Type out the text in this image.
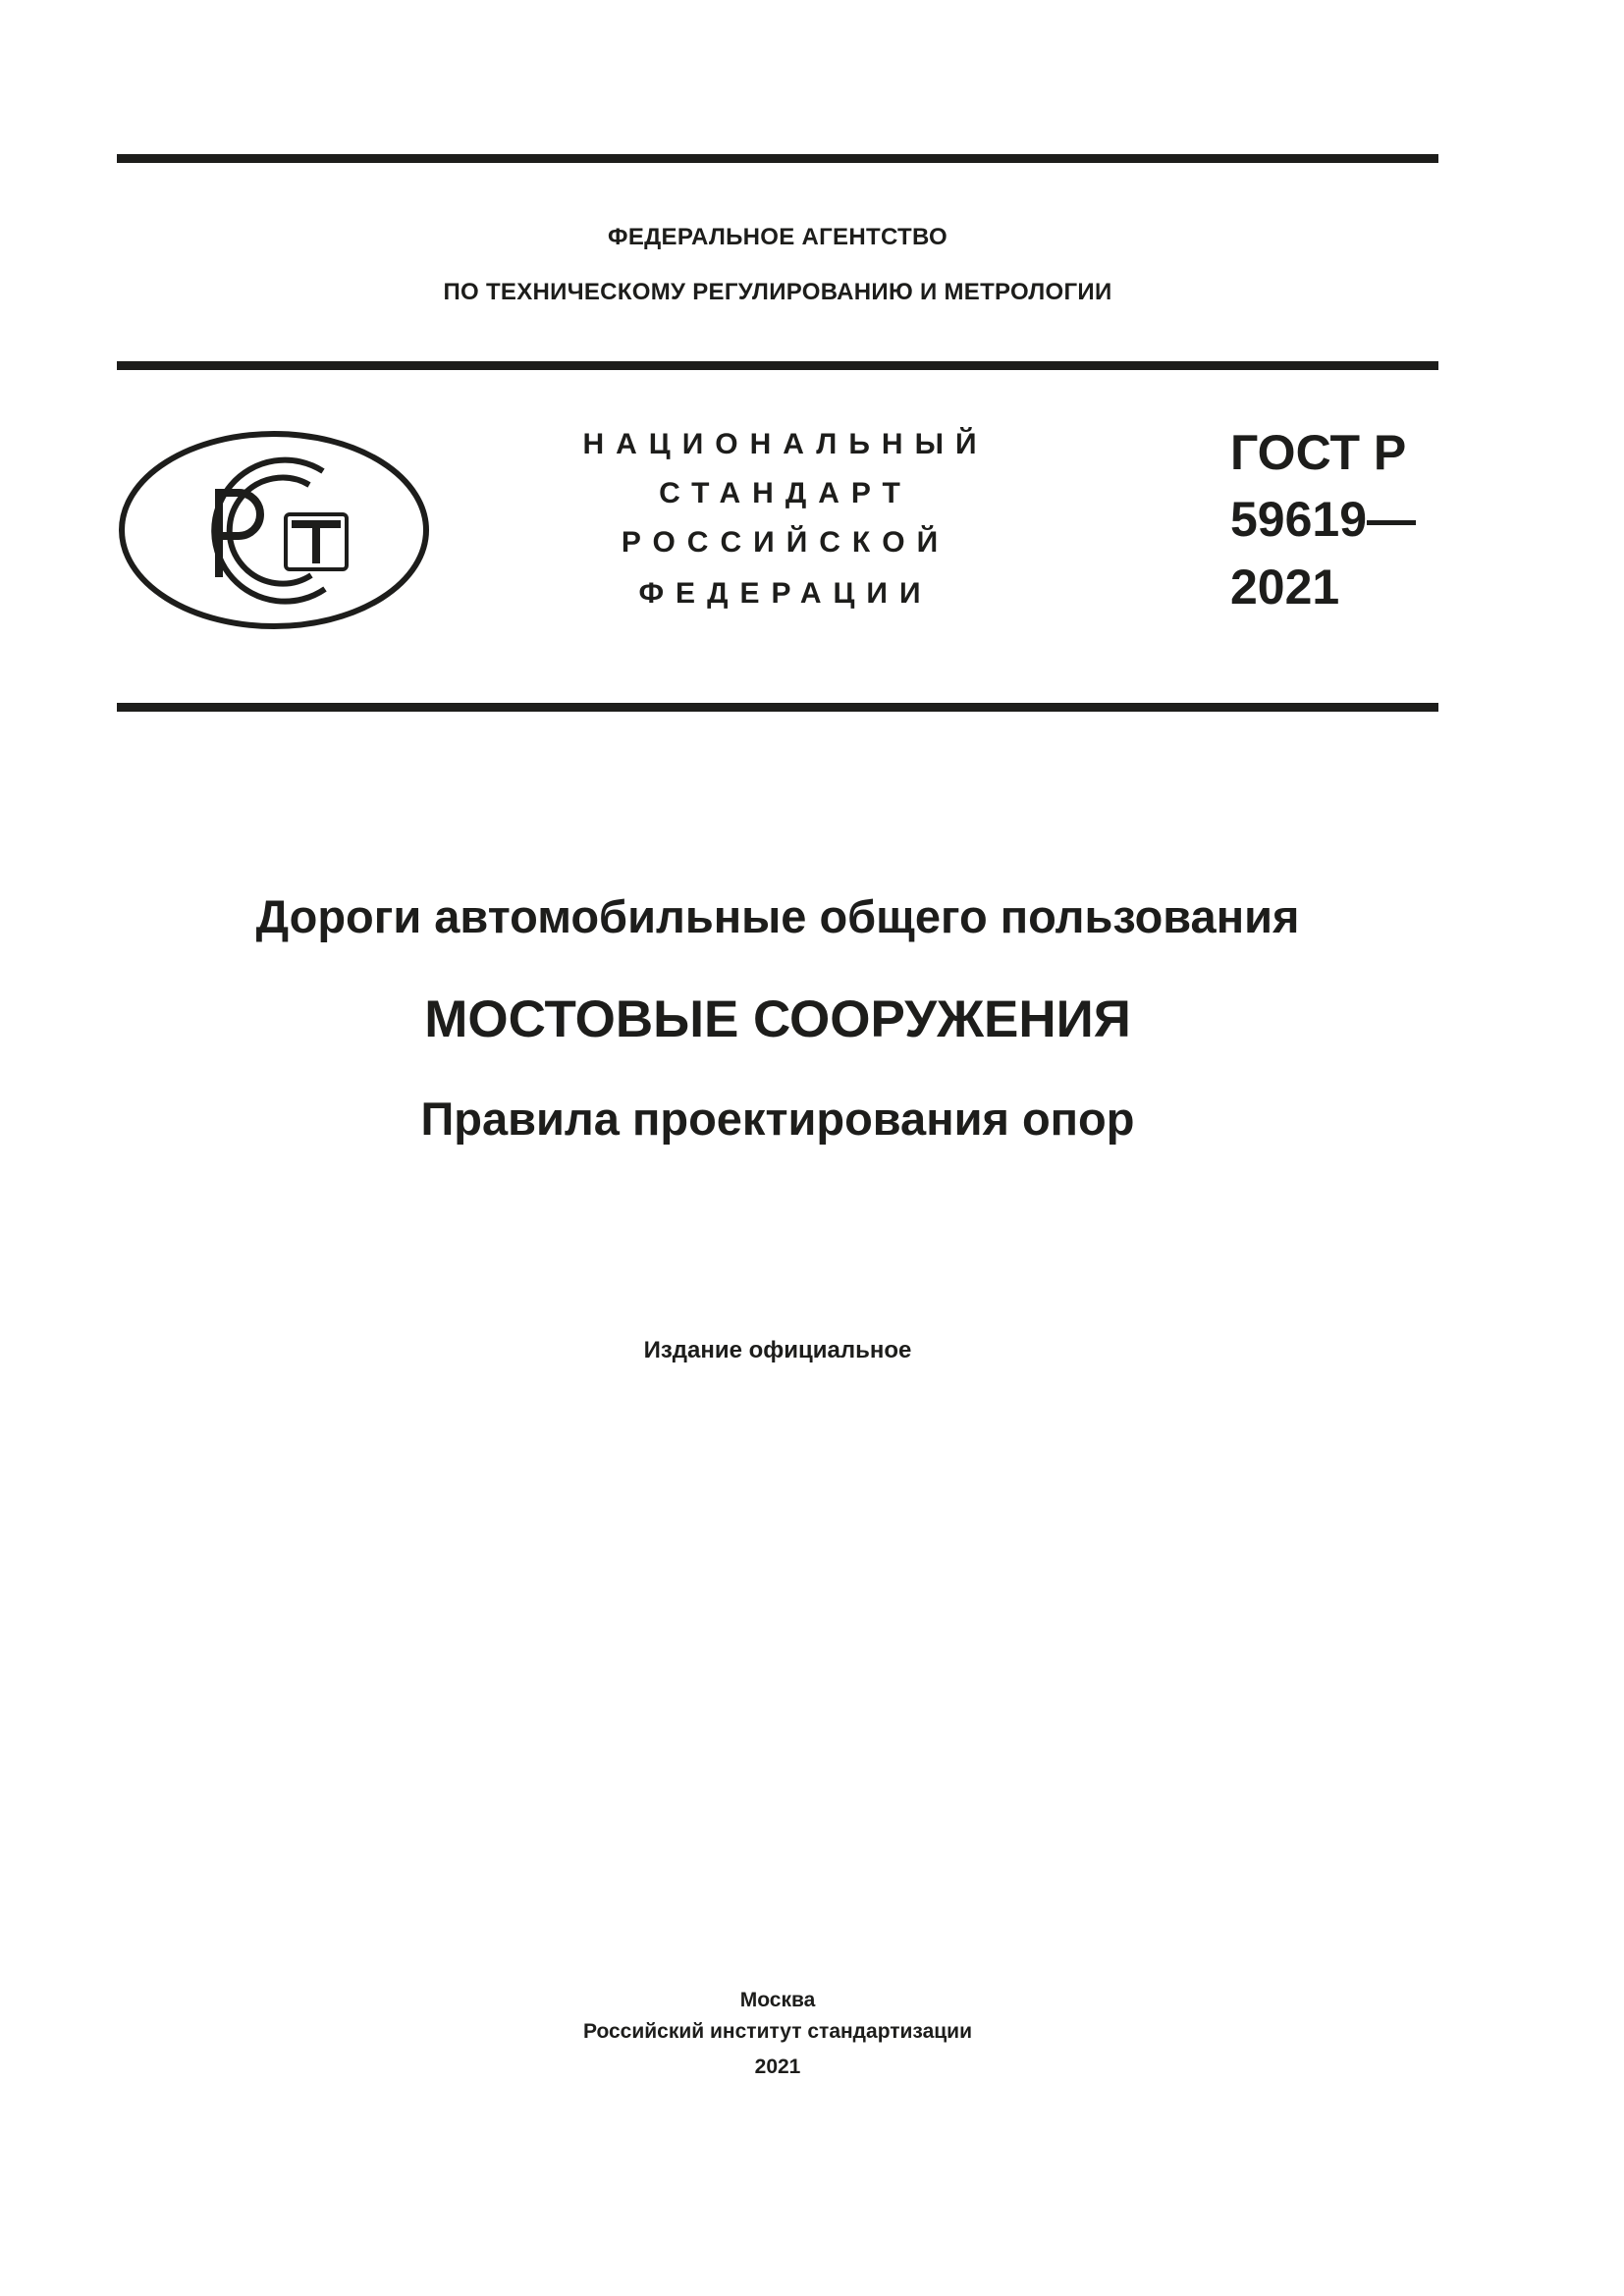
ФЕДЕРАЛЬНОЕ АГЕНТСТВО
ПО ТЕХНИЧЕСКОМУ РЕГУЛИРОВАНИЮ И МЕТРОЛОГИИ
НАЦИОНАЛЬНЫЙ
СТАНДАРТ
РОССИЙСКОЙ
ФЕДЕРАЦИИ
ГОСТ Р
59619—
2021
Дороги автомобильные общего пользования
МОСТОВЫЕ СООРУЖЕНИЯ
Правила проектирования опор
Издание официальное
Москва
Российский институт стандартизации
2021
